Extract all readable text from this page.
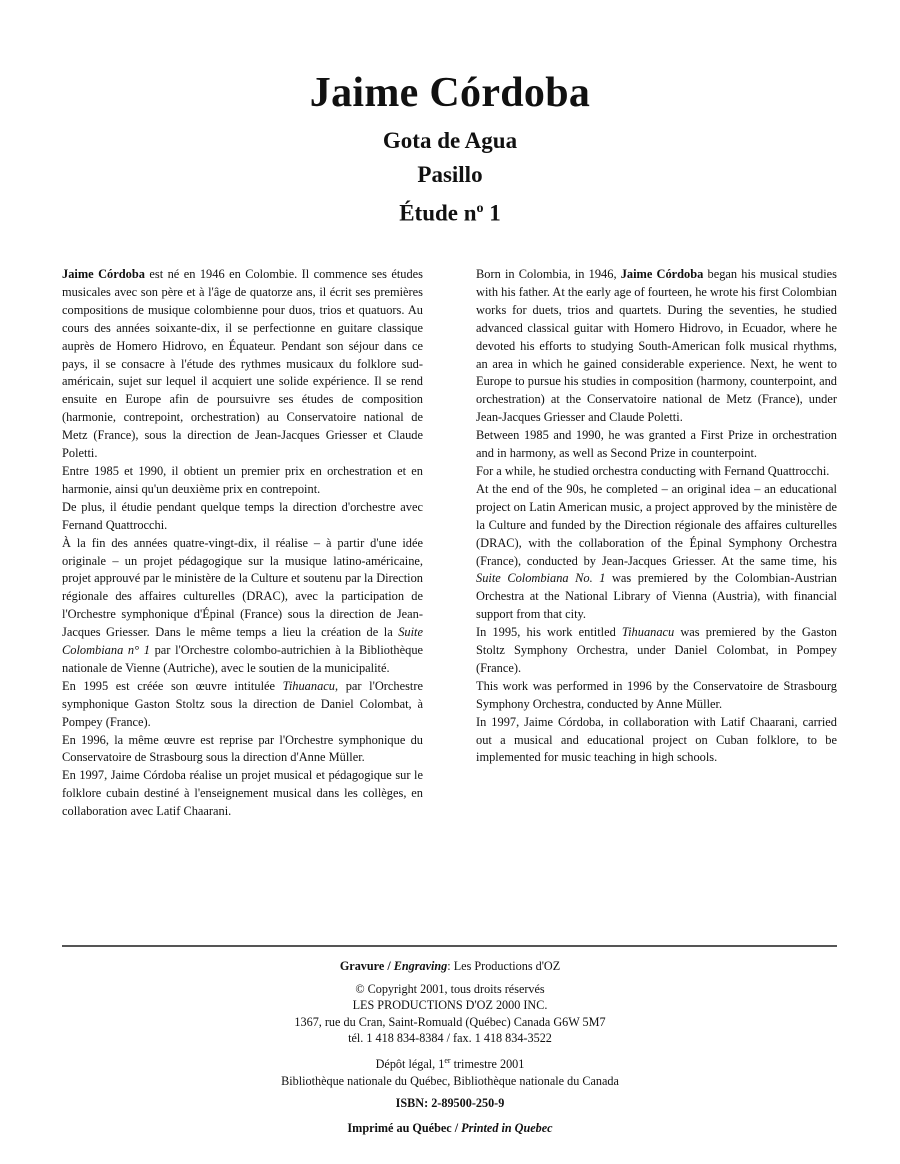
Jaime Córdoba

Gota de Agua

Pasillo

Étude $n^o$ 1

Jaime Córdoba est né en 1946 en Colombie. Il commence ses études musicales avec son père et à l'âge de quatorze ans, il écrit ses premières compositions de musique colombienne pour duos, trios et quatuors. Au cours des années soixante-dix, il se perfectionne en guitare classique auprès de Homero Hidrovo, en Équateur. Pendant son séjour dans ce pays, il se consacre à l'étude des rythmes musicaux du folklore sud-américain, sujet sur lequel il acquiert une solide expérience. Il se rend ensuite en Europe afin de poursuivre ses études de composition (harmonie, contrepoint, orchestration) au Conservatoire national de Metz (France), sous la direction de Jean-Jacques Griesser et Claude Poletti.

Entre 1985 et 1990, il obtient un premier prix en orchestration et en harmonie, ainsi qu'un deuxième prix en contrepoint.

De plus, il étudie pendant quelque temps la direction d'orchestre avec Fernand Quattrocchi.

À la fin des années quatre-vingt-dix, il réalise – à partir d'une idée originale – un projet pédagogique sur la musique latino-américaine, projet approuvé par le ministère de la Culture et soutenu par la Direction régionale des affaires culturelles (DRAC), avec la participation de l'Orchestre symphonique d'Épinal (France) sous la direction de Jean-Jacques Griesser. Dans le même temps a lieu la création de la Suite Colombiana n° 1 par l'Orchestre colombo-autrichien à la Bibliothèque nationale de Vienne (Autriche), avec le soutien de la municipalité.

En 1995 est créée son œuvre intitulée Tihuanacu, par l'Orchestre symphonique Gaston Stoltz sous la direction de Daniel Colombat, à Pompey (France).

En 1996, la même œuvre est reprise par l'Orchestre symphonique du Conservatoire de Strasbourg sous la direction d'Anne Müller.

En 1997, Jaime Córdoba réalise un projet musical et pédagogique sur le folklore cubain destiné à l'enseignement musical dans les collèges, en collaboration avec Latif Chaarani.

Born in Colombia, in 1946, Jaime Córdoba began his musical studies with his father. At the early age of fourteen, he wrote his first Colombian works for duets, trios and quartets. During the seventies, he studied advanced classical guitar with Homero Hidrovo, in Ecuador, where he devoted his efforts to studying South-American folk musical rhythms, an area in which he gained considerable experience. Next, he went to Europe to pursue his studies in composition (harmony, counterpoint, and orchestration) at the Conservatoire national de Metz (France), under Jean-Jacques Griesser and Claude Poletti.

Between 1985 and 1990, he was granted a First Prize in orchestration and in harmony, as well as Second Prize in counterpoint.

For a while, he studied orchestra conducting with Fernand Quattrocchi.

At the end of the 90s, he completed – an original idea – an educational project on Latin American music, a project approved by the ministère de la Culture and funded by the Direction régionale des affaires culturelles (DRAC), with the collaboration of the Épinal Symphony Orchestra (France), conducted by Jean-Jacques Griesser. At the same time, his Suite Colombiana No. 1 was premiered by the Colombian-Austrian Orchestra at the National Library of Vienna (Austria), with financial support from that city.

In 1995, his work entitled Tihuanacu was premiered by the Gaston Stoltz Symphony Orchestra, under Daniel Colombat, in Pompey (France).

This work was performed in 1996 by the Conservatoire de Strasbourg Symphony Orchestra, conducted by Anne Müller.

In 1997, Jaime Córdoba, in collaboration with Latif Chaarani, carried out a musical and educational project on Cuban folklore, to be implemented for music teaching in high schools.

Gravure / Engraving: Les Productions d'OZ

© Copyright 2001, tous droits réservés

LES PRODUCTIONS D'OZ 2000 INC.

1367, rue du Cran, Saint-Romuald (Québec) Canada G6W 5M7

tél. 1 418 834-8384 / fax. 1 418 834-3522

Dépôt légal, 1er trimestre 2001

Bibliothèque nationale du Québec, Bibliothèque nationale du Canada

ISBN: 2-89500-250-9

Imprimé au Québec / Printed in Quebec
